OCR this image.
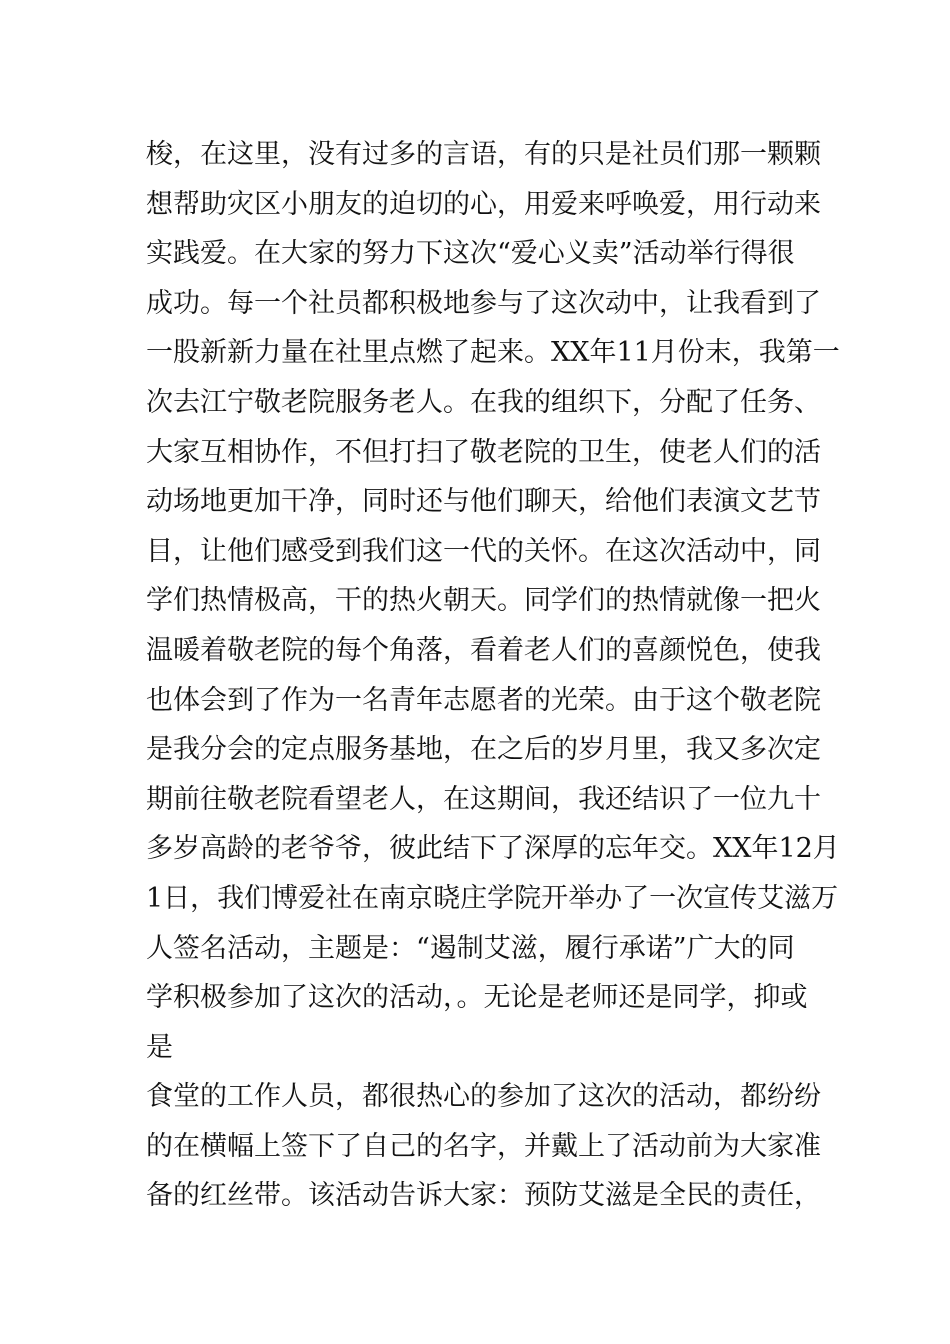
梭，在这里，没有过多的言语，有的只是社员们那一颗颗
想帮助灾区小朋友的迫切的心，用爱来呼唤爱，用行动来
实践爱。在大家的努力下这次“爱心义卖”活动举行得很
成功。每一个社员都积极地参与了这次动中，让我看到了
一股新新力量在社里点燃了起来。XX年11月份末，我第一
次去江宁敬老院服务老人。在我的组织下，分配了任务、
大家互相协作，不但打扫了敬老院的卫生，使老人们的活
动场地更加干净，同时还与他们聊天，给他们表演文艺节
目，让他们感受到我们这一代的关怀。在这次活动中，同
学们热情极高，干的热火朝天。同学们的热情就像一把火
温暖着敬老院的每个角落，看着老人们的喜颜悦色，使我
也体会到了作为一名青年志愿者的光荣。由于这个敬老院
是我分会的定点服务基地，在之后的岁月里，我又多次定
期前往敬老院看望老人，在这期间，我还结识了一位九十
多岁高龄的老爷爷，彼此结下了深厚的忘年交。XX年12月
1日，我们博爱社在南京晓庄学院开举办了一次宣传艾滋万
人签名活动，主题是：“遏制艾滋，履行承诺”广大的同
学积极参加了这次的活动，。无论是老师还是同学，抑或
是
食堂的工作人员，都很热心的参加了这次的活动，都纷纷
的在横幅上签下了自己的名字，并戴上了活动前为大家准
备的红丝带。该活动告诉大家：预防艾滋是全民的责任，
